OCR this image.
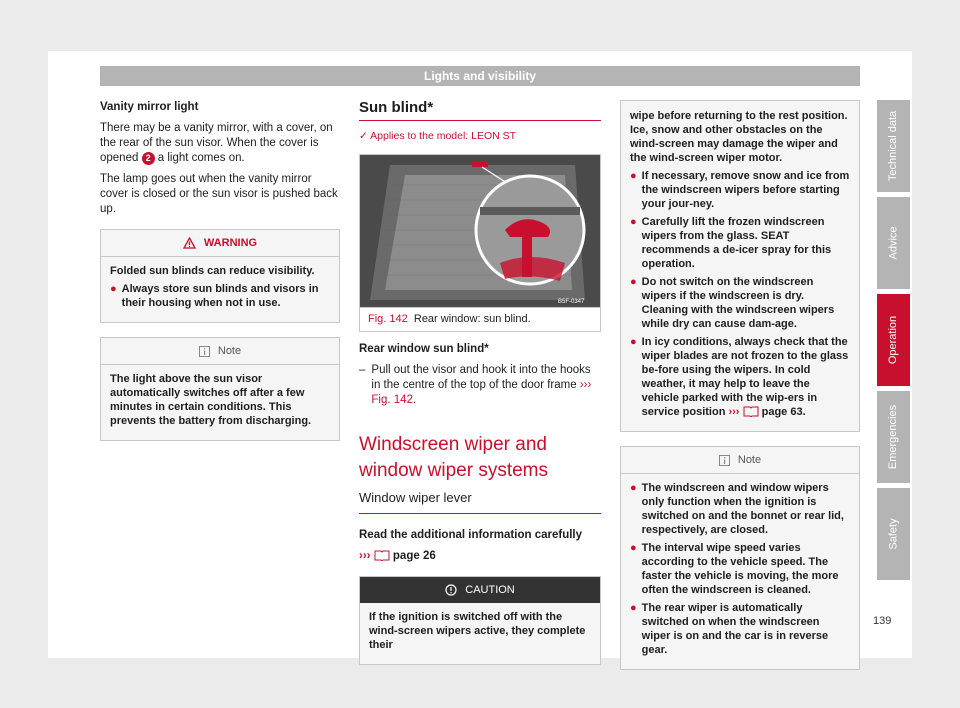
Lights and visibility

Vanity mirror light

There may be a vanity mirror, with a cover, on the rear of the sun visor. When the cover is opened 2 a light comes on.

The lamp goes out when the vanity mirror cover is closed or the sun visor is pushed back up.

WARNING

Folded sun blinds can reduce visibility.

● Always store sun blinds and visors in their housing when not in use.
Note

The light above the sun visor automatically switches off after a few minutes in certain conditions. This prevents the battery from discharging.

Sun blind*
✓ Applies to the model: LEON ST
B5F-0347
Fig. 142 Rear window: sun blind.

Rear window sun blind*

– Pull out the visor and hook it into the hooks in the centre of the top of the door frame ››› Fig. 142.
Windscreen wiper and window wiper systems
Window wiper lever

Read the additional information carefully

››› page 26

CAUTION

If the ignition is switched off with the wind-screen wipers active, they complete their

wipe before returning to the rest position. Ice, snow and other obstacles on the wind-screen may damage the wiper and the wind-screen wiper motor.

● If necessary, remove snow and ice from the windscreen wipers before starting your jour-ney.
● Carefully lift the frozen windscreen wipers from the glass. SEAT recommends a de-icer spray for this operation.
● Do not switch on the windscreen wipers if the windscreen is dry. Cleaning with the windscreen wipers while dry can cause dam-age.
● In icy conditions, always check that the wiper blades are not frozen to the glass be-fore using the wipers. In cold weather, it may help to leave the vehicle parked with the wip-ers in service position ››› page 63.
Note
● The windscreen and window wipers only function when the ignition is switched on and the bonnet or rear lid, respectively, are closed.
● The interval wipe speed varies according to the vehicle speed. The faster the vehicle is moving, the more often the windscreen is cleaned.
● The rear wiper is automatically switched on when the windscreen wiper is on and the car is in reverse gear.
Technical data
Advice
Operation
Emergencies
Safety
139
